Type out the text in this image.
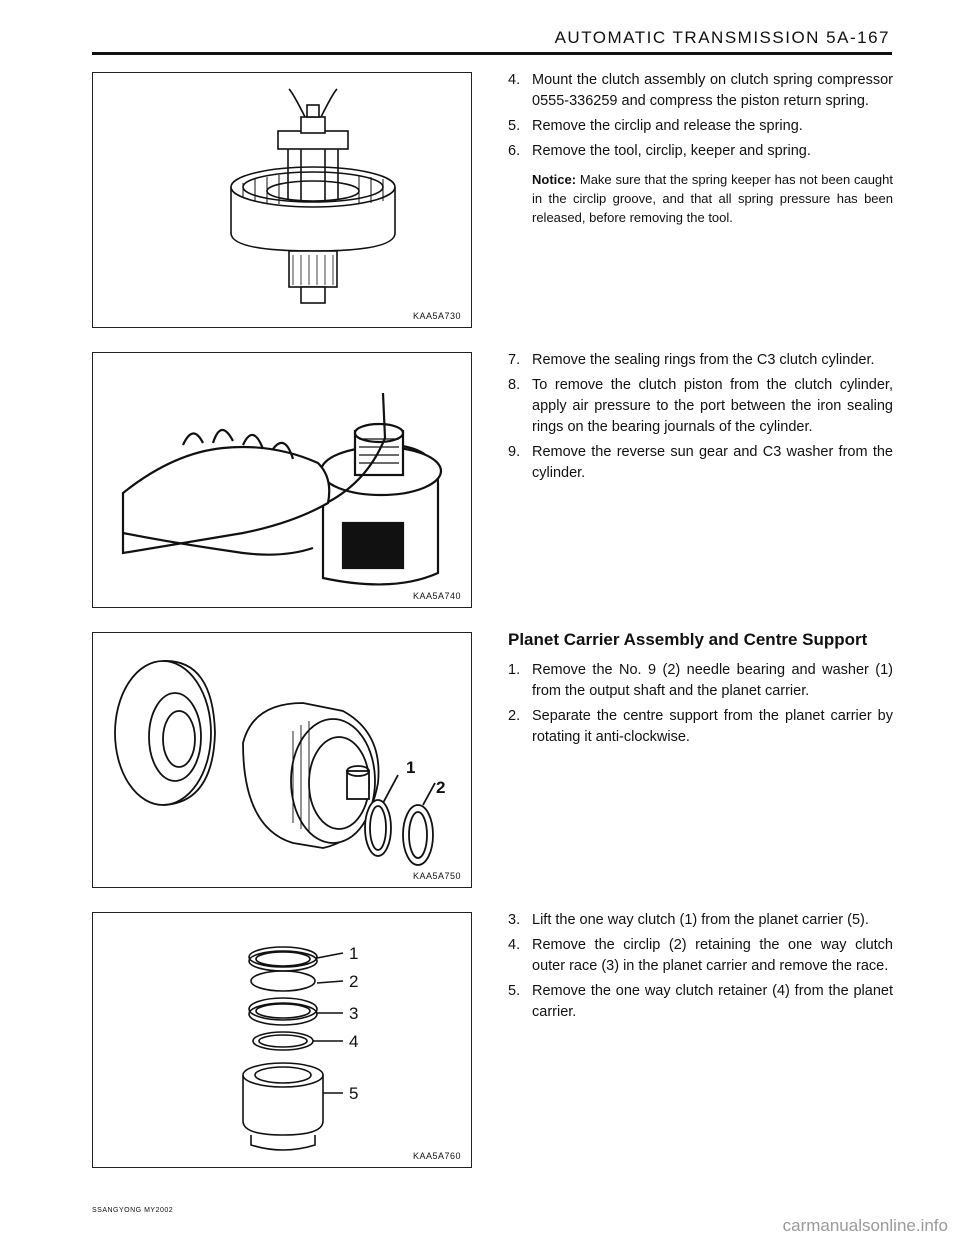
AUTOMATIC TRANSMISSION 5A-167
KAA5A730
KAA5A740
1
2
KAA5A750
1
2
3
4
5
KAA5A760
4. Mount the clutch assembly on clutch spring compressor 0555-336259 and compress the piston return spring.
5. Remove the circlip and release the spring.
6. Remove the tool, circlip, keeper and spring.
Notice: Make sure that the spring keeper has not been caught in the circlip groove, and that all spring pressure has been released, before removing the tool.
7. Remove the sealing rings from the C3 clutch cylinder.
8. To remove the clutch piston from the clutch cylinder, apply air pressure to the port between the iron sealing rings on the bearing journals of the cylinder.
9. Remove the reverse sun gear and C3 washer from the cylinder.
Planet Carrier Assembly and Centre Support
1. Remove the No. 9 (2) needle bearing and washer (1) from the output shaft and the planet carrier.
2. Separate the centre support from the planet carrier by rotating it anti-clockwise.
3. Lift the one way clutch (1) from the planet carrier (5).
4. Remove the circlip (2) retaining the one way clutch outer race (3) in the planet carrier and remove the race.
5. Remove the one way clutch retainer (4) from the planet carrier.
SSANGYONG MY2002
carmanualsonline.info
